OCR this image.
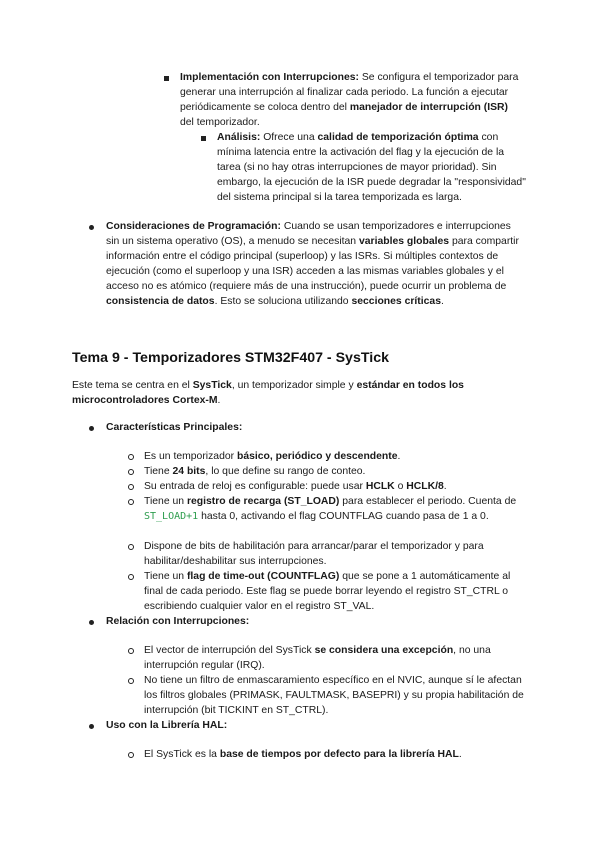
Implementación con Interrupciones: Se configura el temporizador para generar una interrupción al finalizar cada periodo. La función a ejecutar periódicamente se coloca dentro del manejador de interrupción (ISR) del temporizador.
Análisis: Ofrece una calidad de temporización óptima con mínima latencia entre la activación del flag y la ejecución de la tarea (si no hay otras interrupciones de mayor prioridad). Sin embargo, la ejecución de la ISR puede degradar la "responsividad" del sistema principal si la tarea temporizada es larga.
Consideraciones de Programación: Cuando se usan temporizadores e interrupciones sin un sistema operativo (OS), a menudo se necesitan variables globales para compartir información entre el código principal (superloop) y las ISRs. Si múltiples contextos de ejecución (como el superloop y una ISR) acceden a las mismas variables globales y el acceso no es atómico (requiere más de una instrucción), puede ocurrir un problema de consistencia de datos. Esto se soluciona utilizando secciones críticas.
Tema 9 - Temporizadores STM32F407 - SysTick
Este tema se centra en el SysTick, un temporizador simple y estándar en todos los microcontroladores Cortex-M.
Características Principales:
Es un temporizador básico, periódico y descendente.
Tiene 24 bits, lo que define su rango de conteo.
Su entrada de reloj es configurable: puede usar HCLK o HCLK/8.
Tiene un registro de recarga (ST_LOAD) para establecer el periodo. Cuenta de ST_LOAD+1 hasta 0, activando el flag COUNTFLAG cuando pasa de 1 a 0.
Dispone de bits de habilitación para arrancar/parar el temporizador y para habilitar/deshabilitar sus interrupciones.
Tiene un flag de time-out (COUNTFLAG) que se pone a 1 automáticamente al final de cada periodo. Este flag se puede borrar leyendo el registro ST_CTRL o escribiendo cualquier valor en el registro ST_VAL.
Relación con Interrupciones:
El vector de interrupción del SysTick se considera una excepción, no una interrupción regular (IRQ).
No tiene un filtro de enmascaramiento específico en el NVIC, aunque sí le afectan los filtros globales (PRIMASK, FAULTMASK, BASEPRI) y su propia habilitación de interrupción (bit TICKINT en ST_CTRL).
Uso con la Librería HAL:
El SysTick es la base de tiempos por defecto para la librería HAL.
